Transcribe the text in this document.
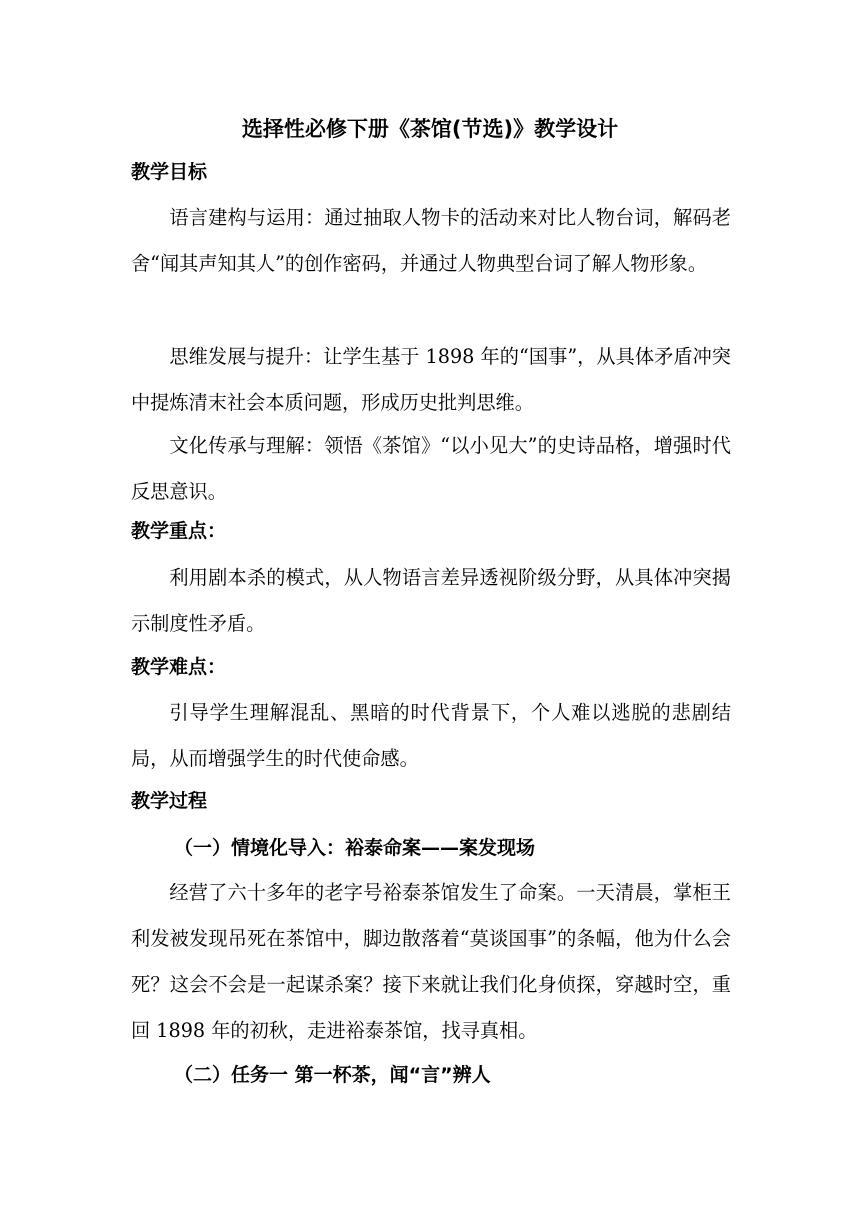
选择性必修下册《茶馆(节选)》教学设计
教学目标
语言建构与运用：通过抽取人物卡的活动来对比人物台词，解码老舍“闻其声知其人”的创作密码，并通过人物典型台词了解人物形象。
思维发展与提升：让学生基于 1898 年的“国事”，从具体矛盾冲突中提炼清末社会本质问题，形成历史批判思维。
文化传承与理解：领悟《茶馆》“以小见大”的史诗品格，增强时代反思意识。
教学重点：
利用剧本杀的模式，从人物语言差异透视阶级分野，从具体冲突揭示制度性矛盾。
教学难点：
引导学生理解混乱、黑暗的时代背景下，个人难以逃脱的悲剧结局，从而增强学生的时代使命感。
教学过程
（一）情境化导入：裕泰命案——案发现场
经营了六十多年的老字号裕泰茶馆发生了命案。一天清晨，掌柜王利发被发现吊死在茶馆中，脚边散落着“莫谈国事”的条幅，他为什么会死？这会不会是一起谋杀案？接下来就让我们化身侦探，穿越时空，重回 1898 年的初秋，走进裕泰茶馆，找寻真相。
（二）任务一 第一杯茶，闻“言”辨人
